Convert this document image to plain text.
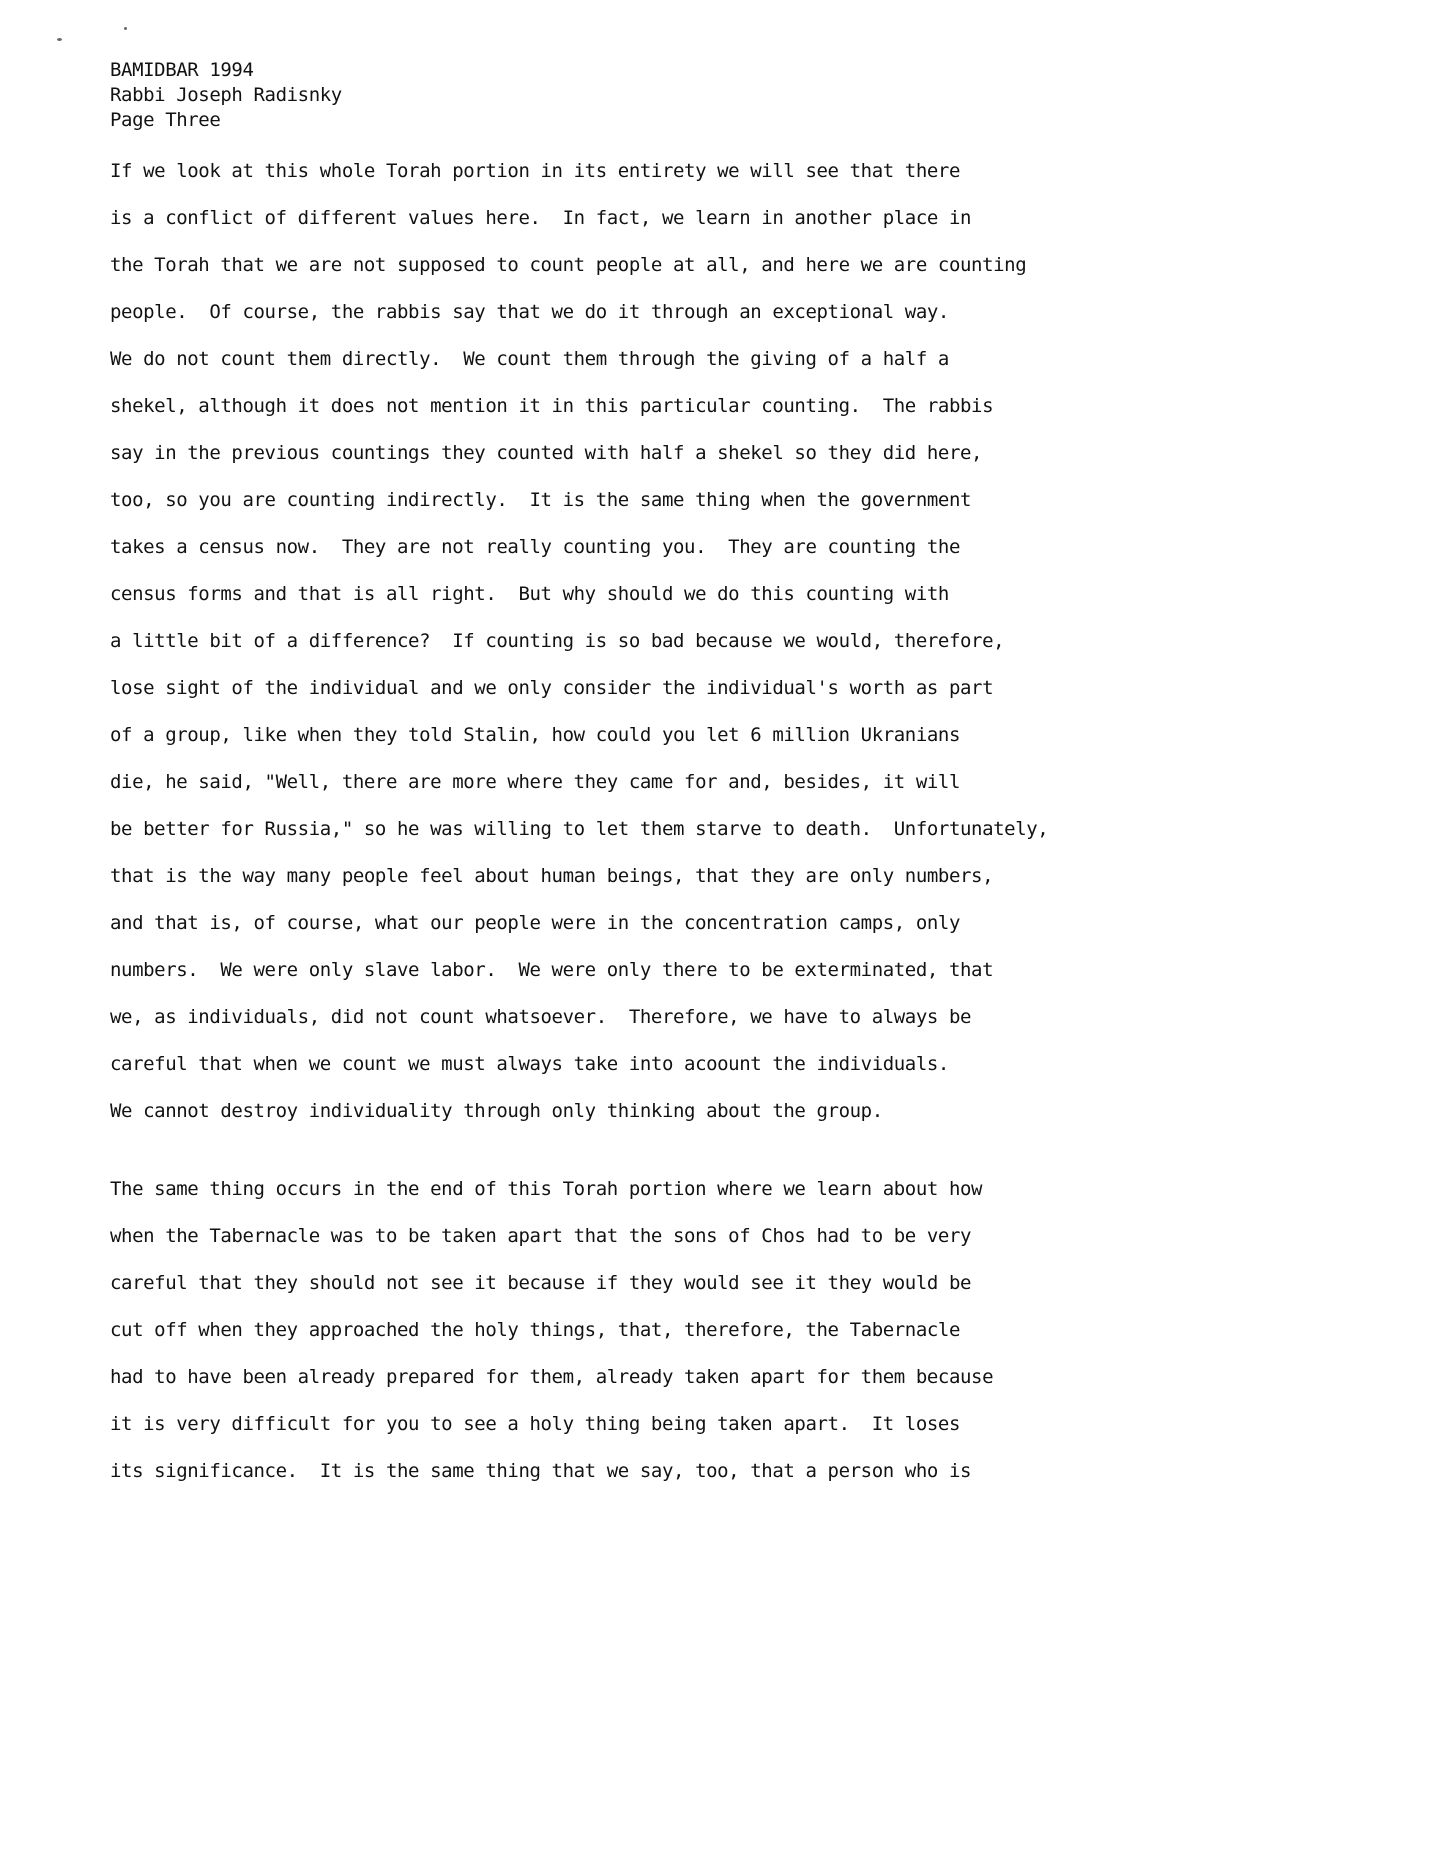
BAMIDBAR 1994
Rabbi Joseph Radisnky
Page Three
If we look at this whole Torah portion in its entirety we will see that there
is a conflict of different values here.  In fact, we learn in another place in
the Torah that we are not supposed to count people at all, and here we are counting
people.  Of course, the rabbis say that we do it through an exceptional way.
We do not count them directly.  We count them through the giving of a half a
shekel, although it does not mention it in this particular counting.  The rabbis
say in the previous countings they counted with half a shekel so they did here,
too, so you are counting indirectly.  It is the same thing when the government
takes a census now.  They are not really counting you.  They are counting the
census forms and that is all right.  But why should we do this counting with
a little bit of a difference?  If counting is so bad because we would, therefore,
lose sight of the individual and we only consider the individual's worth as part
of a group, like when they told Stalin, how could you let 6 million Ukranians
die, he said, "Well, there are more where they came for and, besides, it will
be better for Russia," so he was willing to let them starve to death.  Unfortunately,
that is the way many people feel about human beings, that they are only numbers,
and that is, of course, what our people were in the concentration camps, only
numbers.  We were only slave labor.  We were only there to be exterminated, that
we, as individuals, did not count whatsoever.  Therefore, we have to always be
careful that when we count we must always take into acoount the individuals.
We cannot destroy individuality through only thinking about the group.
The same thing occurs in the end of this Torah portion where we learn about how
when the Tabernacle was to be taken apart that the sons of Chos had to be very
careful that they should not see it because if they would see it they would be
cut off when they approached the holy things, that, therefore, the Tabernacle
had to have been already prepared for them, already taken apart for them because
it is very difficult for you to see a holy thing being taken apart.  It loses
its significance.  It is the same thing that we say, too, that a person who is
